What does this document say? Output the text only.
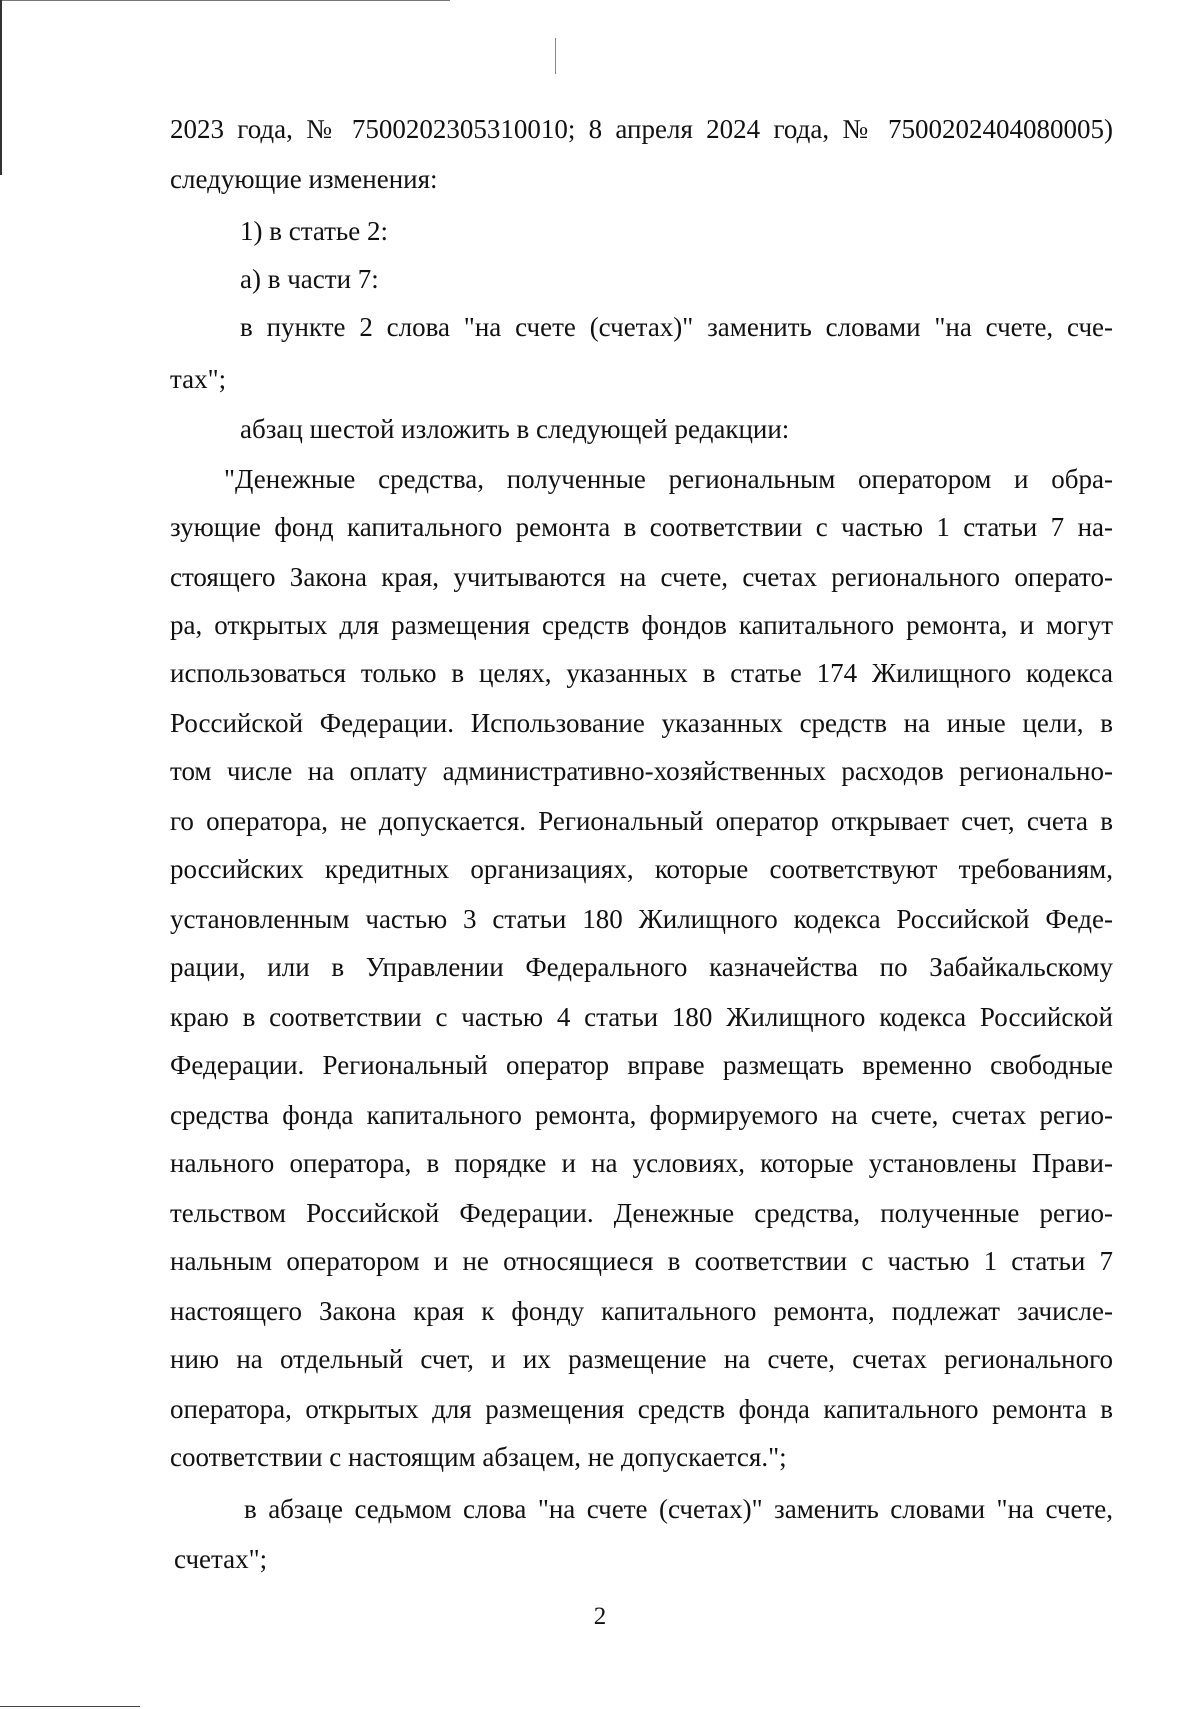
2023 года, № 7500202305310010; 8 апреля 2024 года, № 7500202404080005)
следующие изменения:
1) в статье 2:
а) в части 7:
в пункте 2 слова "на счете (счетах)" заменить словами "на счете, сче-
тах";
абзац шестой изложить в следующей редакции:
"Денежные средства, полученные региональным оператором и обра-
зующие фонд капитального ремонта в соответствии с частью 1 статьи 7 на-
стоящего Закона края, учитываются на счете, счетах регионального операто-
ра, открытых для размещения средств фондов капитального ремонта, и могут
использоваться только в целях, указанных в статье 174 Жилищного кодекса
Российской Федерации. Использование указанных средств на иные цели, в
том числе на оплату административно-хозяйственных расходов регионально-
го оператора, не допускается. Региональный оператор открывает счет, счета в
российских кредитных организациях, которые соответствуют требованиям,
установленным частью 3 статьи 180 Жилищного кодекса Российской Феде-
рации, или в Управлении Федерального казначейства по Забайкальскому
краю в соответствии с частью 4 статьи 180 Жилищного кодекса Российской
Федерации. Региональный оператор вправе размещать временно свободные
средства фонда капитального ремонта, формируемого на счете, счетах регио-
нального оператора, в порядке и на условиях, которые установлены Прави-
тельством Российской Федерации. Денежные средства, полученные регио-
нальным оператором и не относящиеся в соответствии с частью 1 статьи 7
настоящего Закона края к фонду капитального ремонта, подлежат зачисле-
нию на отдельный счет, и их размещение на счете, счетах регионального
оператора, открытых для размещения средств фонда капитального ремонта в
соответствии с настоящим абзацем, не допускается.";
в абзаце седьмом слова "на счете (счетах)" заменить словами "на счете,
счетах";
2
